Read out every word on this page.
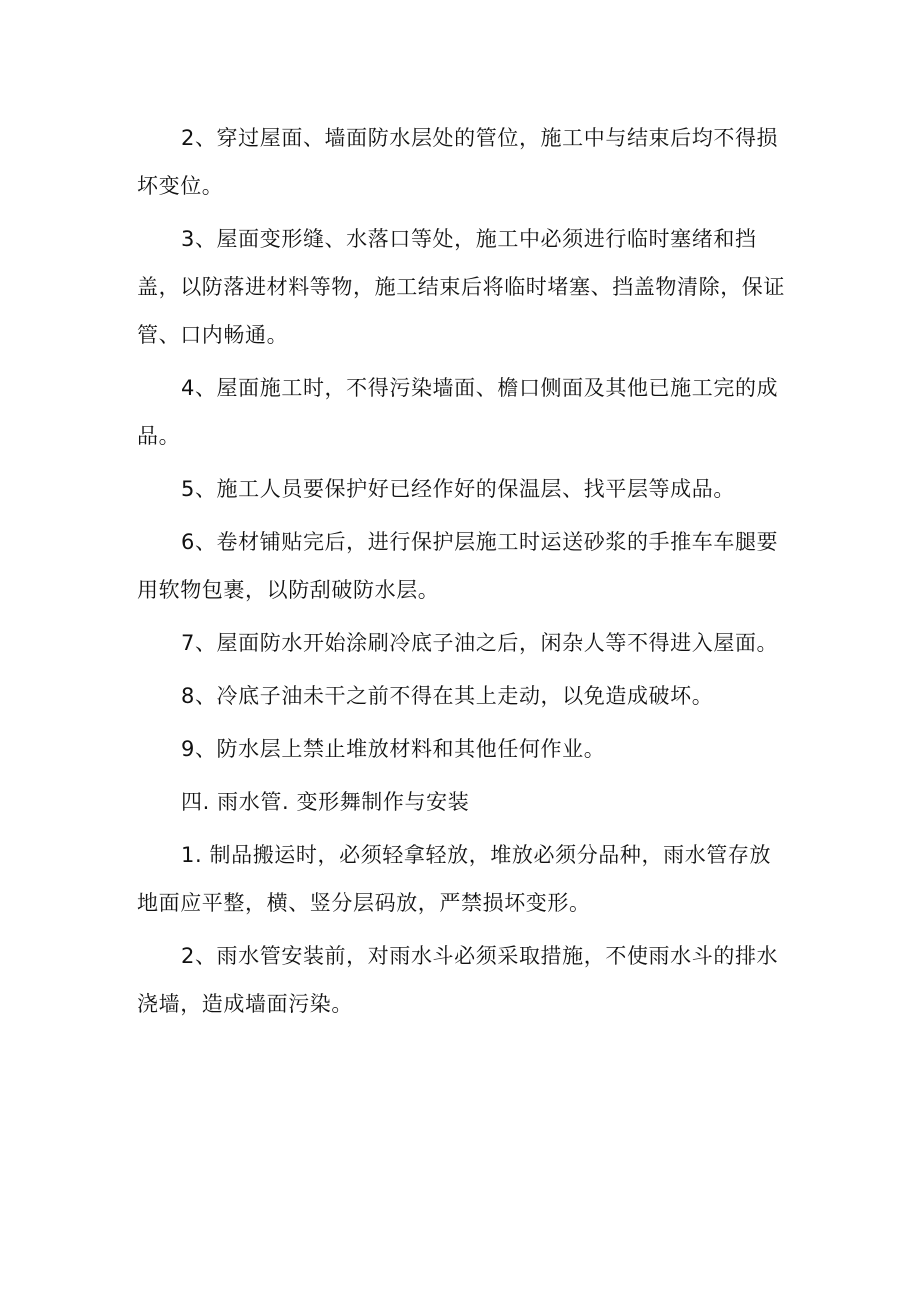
2、穿过屋面、墙面防水层处的管位，施工中与结束后均不得损坏变位。

3、屋面变形缝、水落口等处，施工中必须进行临时塞绪和挡盖，以防落进材料等物，施工结束后将临时堵塞、挡盖物清除，保证管、口内畅通。

4、屋面施工时，不得污染墙面、檐口侧面及其他已施工完的成品。

5、施工人员要保护好已经作好的保温层、找平层等成品。

6、卷材铺贴完后，进行保护层施工时运送砂浆的手推车车腿要用软物包裹，以防刮破防水层。

7、屋面防水开始涂刷冷底子油之后，闲杂人等不得进入屋面。

8、冷底子油未干之前不得在其上走动，以免造成破坏。

9、防水层上禁止堆放材料和其他任何作业。

四. 雨水管. 变形舞制作与安装

1. 制品搬运时，必须轻拿轻放，堆放必须分品种，雨水管存放地面应平整，横、竖分层码放，严禁损坏变形。

2、雨水管安装前，对雨水斗必须采取措施，不使雨水斗的排水浇墙，造成墙面污染。
